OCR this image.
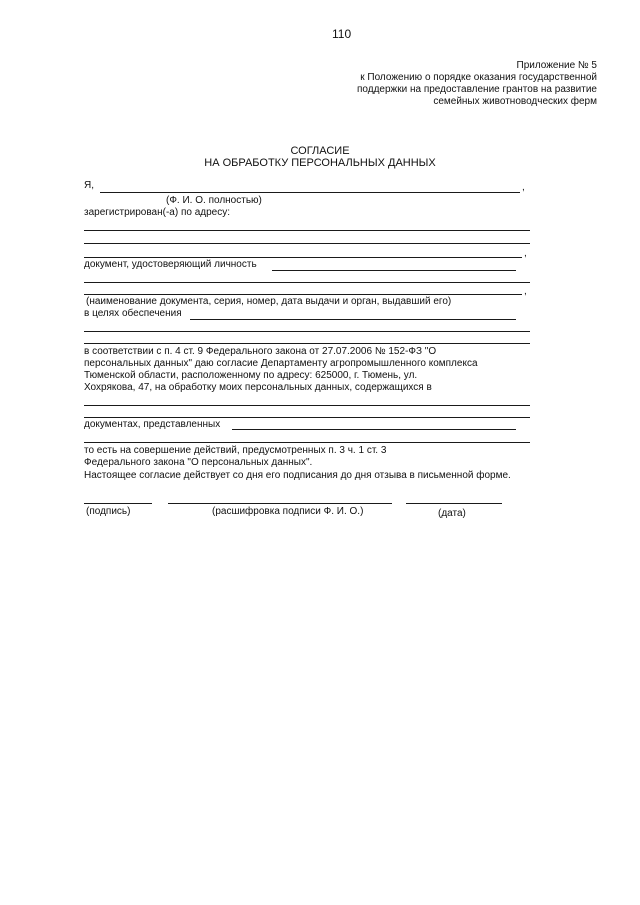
110
Приложение № 5
к Положению о порядке оказания государственной
поддержки на предоставление грантов на развитие
семейных животноводческих ферм
СОГЛАСИЕ
НА ОБРАБОТКУ ПЕРСОНАЛЬНЫХ ДАННЫХ
Я,	,
(Ф. И. О. полностью)
зарегистрирован(-а) по адресу:
,
документ, удостоверяющий личность
,
(наименование документа, серия, номер, дата выдачи и орган, выдавший его)
в целях обеспечения
в соответствии с п. 4 ст. 9 Федерального закона от 27.07.2006 № 152-ФЗ "О
персональных данных" даю согласие Департаменту агропромышленного комплекса
Тюменской области, расположенному по адресу: 625000, г. Тюмень, ул.
Хохрякова, 47, на обработку моих персональных данных, содержащихся в
документах, представленных
то есть на совершение действий, предусмотренных п. 3 ч. 1 ст. 3
Федерального закона "О персональных данных".
Настоящее согласие действует со дня его подписания до дня отзыва в письменной форме.
(подпись)	(расшифровка подписи Ф. И. О.)	(дата)
